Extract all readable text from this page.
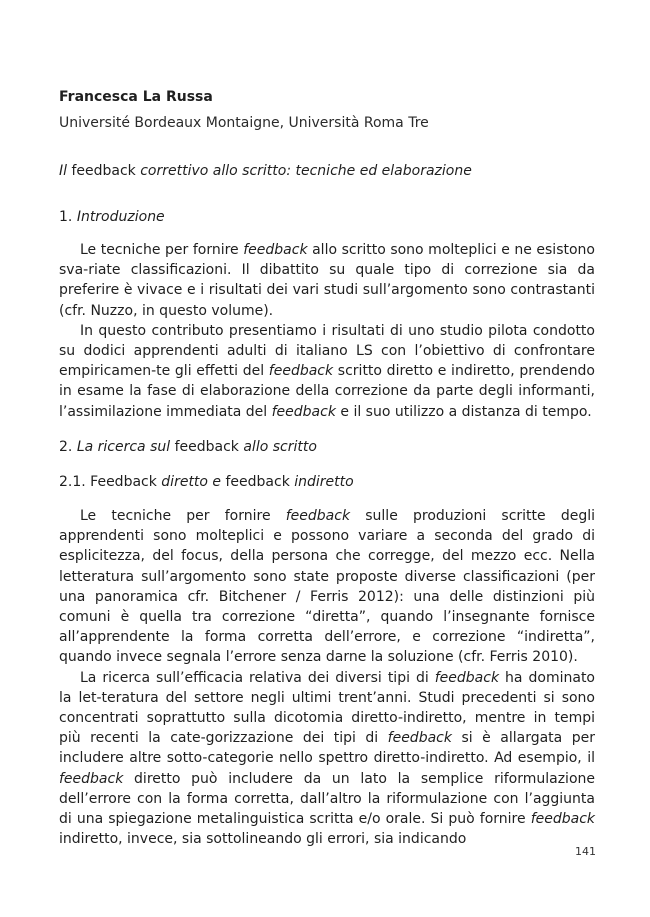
Francesca La Russa
Université Bordeaux Montaigne, Università Roma Tre
Il feedback correttivo allo scritto: tecniche ed elaborazione
1. Introduzione

Le tecniche per fornire feedback allo scritto sono molteplici e ne esistono sva-riate classificazioni. Il dibattito su quale tipo di correzione sia da preferire è vivace e i risultati dei vari studi sull’argomento sono contrastanti (cfr. Nuzzo, in questo volume).

In questo contributo presentiamo i risultati di uno studio pilota condotto su dodici apprendenti adulti di italiano LS con l’obiettivo di confrontare empiricamen-te gli effetti del feedback scritto diretto e indiretto, prendendo in esame la fase di elaborazione della correzione da parte degli informanti, l’assimilazione immediata del feedback e il suo utilizzo a distanza di tempo.

2. La ricerca sul feedback allo scritto
2.1. Feedback diretto e feedback indiretto

Le tecniche per fornire feedback sulle produzioni scritte degli apprendenti sono molteplici e possono variare a seconda del grado di esplicitezza, del focus, della persona che corregge, del mezzo ecc. Nella letteratura sull’argomento sono state proposte diverse classificazioni (per una panoramica cfr. Bitchener / Ferris 2012): una delle distinzioni più comuni è quella tra correzione “diretta”, quando l’insegnante fornisce all’apprendente la forma corretta dell’errore, e correzione “indiretta”, quando invece segnala l’errore senza darne la soluzione (cfr. Ferris 2010).

La ricerca sull’efficacia relativa dei diversi tipi di feedback ha dominato la let-teratura del settore negli ultimi trent’anni. Studi precedenti si sono concentrati soprattutto sulla dicotomia diretto-indiretto, mentre in tempi più recenti la cate-gorizzazione dei tipi di feedback si è allargata per includere altre sotto-categorie nello spettro diretto-indiretto. Ad esempio, il feedback diretto può includere da un lato la semplice riformulazione dell’errore con la forma corretta, dall’altro la riformulazione con l’aggiunta di una spiegazione metalinguistica scritta e/o orale. Si può fornire feedback indiretto, invece, sia sottolineando gli errori, sia indicando

141
